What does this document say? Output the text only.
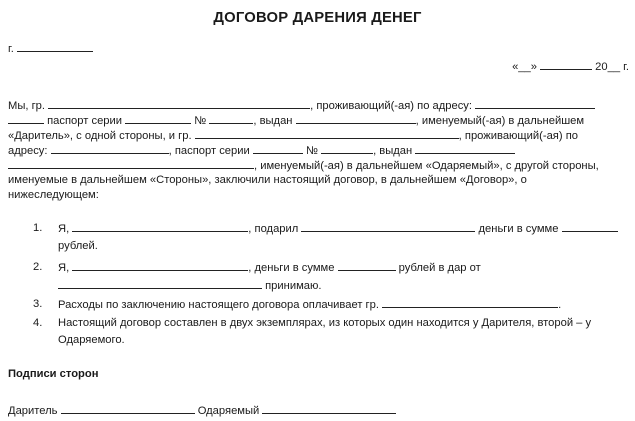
ДОГОВОР ДАРЕНИЯ ДЕНЕГ
г.
«__»	20__ г.
Мы, гр.	, проживающий(-ая) по адресу:
паспорт серии	№	, выдан	, именуемый(-ая) в дальнейшем
«Даритель», с одной стороны, и гр.	, проживающий(-ая) по
адресу:	, паспорт серии	№	, выдан
, именуемый(-ая) в дальнейшем «Одаряемый», с другой стороны,
именуемые в дальнейшем «Стороны», заключили настоящий договор, в дальнейшем «Договор», о
нижеследующем:
1. Я,	, подарил	деньги в сумме
рублей.
2. Я,	, деньги в сумме	рублей в дар от
принимаю.
3. Расходы по заключению настоящего договора оплачивает гр.	.
4. Настоящий договор составлен в двух экземплярах, из которых один находится у Дарителя, второй – у
Одаряемого.
Подписи сторон
Даритель	Одаряемый
